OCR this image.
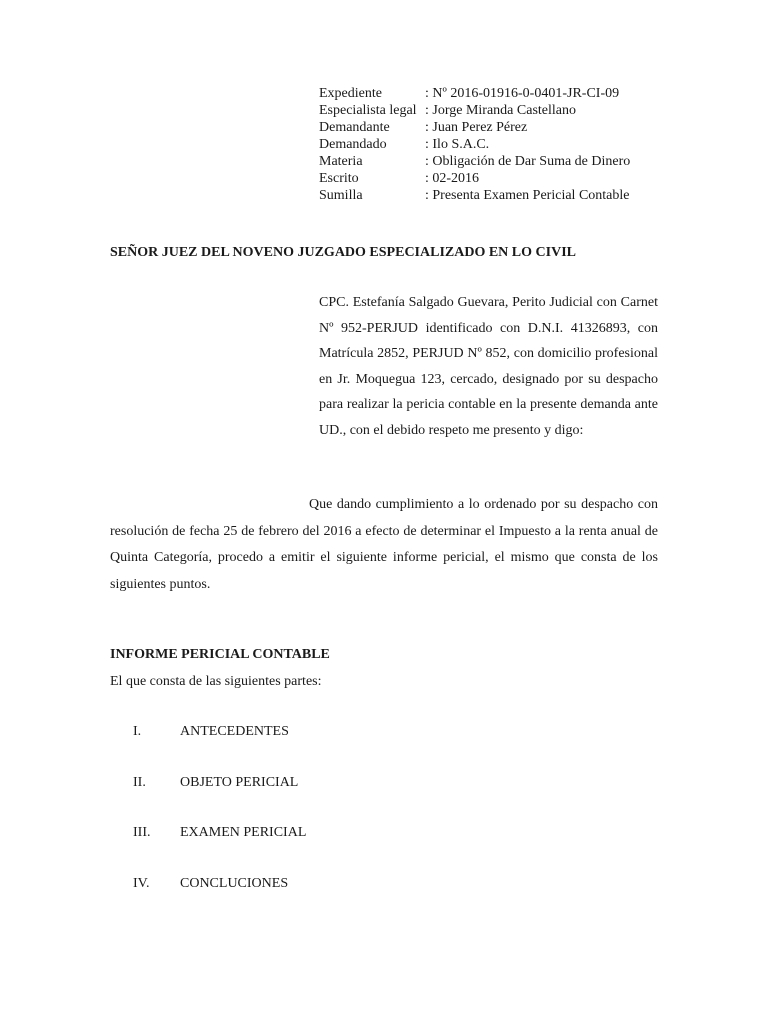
Expediente	: Nº 2016-01916-0-0401-JR-CI-09
Especialista legal : Jorge Miranda Castellano
Demandante	: Juan Perez Pérez
Demandado	: Ilo S.A.C.
Materia	: Obligación de Dar Suma de Dinero
Escrito	: 02-2016
Sumilla	: Presenta Examen Pericial Contable
SEÑOR JUEZ DEL NOVENO JUZGADO ESPECIALIZADO EN LO CIVIL
CPC. Estefanía Salgado Guevara, Perito Judicial con Carnet Nº 952-PERJUD identificado con D.N.I. 41326893, con Matrícula 2852, PERJUD Nº 852, con domicilio profesional en Jr. Moquegua 123, cercado, designado por su despacho para realizar la pericia contable en la presente demanda ante UD., con el debido respeto me presento y digo:
Que dando cumplimiento a lo ordenado por su despacho con resolución de fecha 25 de febrero del 2016 a efecto de determinar el Impuesto a la renta anual de Quinta Categoría, procedo a emitir el siguiente informe pericial, el mismo que consta de los siguientes puntos.
INFORME PERICIAL CONTABLE
El que consta de las siguientes partes:
I.	ANTECEDENTES
II.	OBJETO PERICIAL
III.	EXAMEN PERICIAL
IV.	CONCLUCIONES
